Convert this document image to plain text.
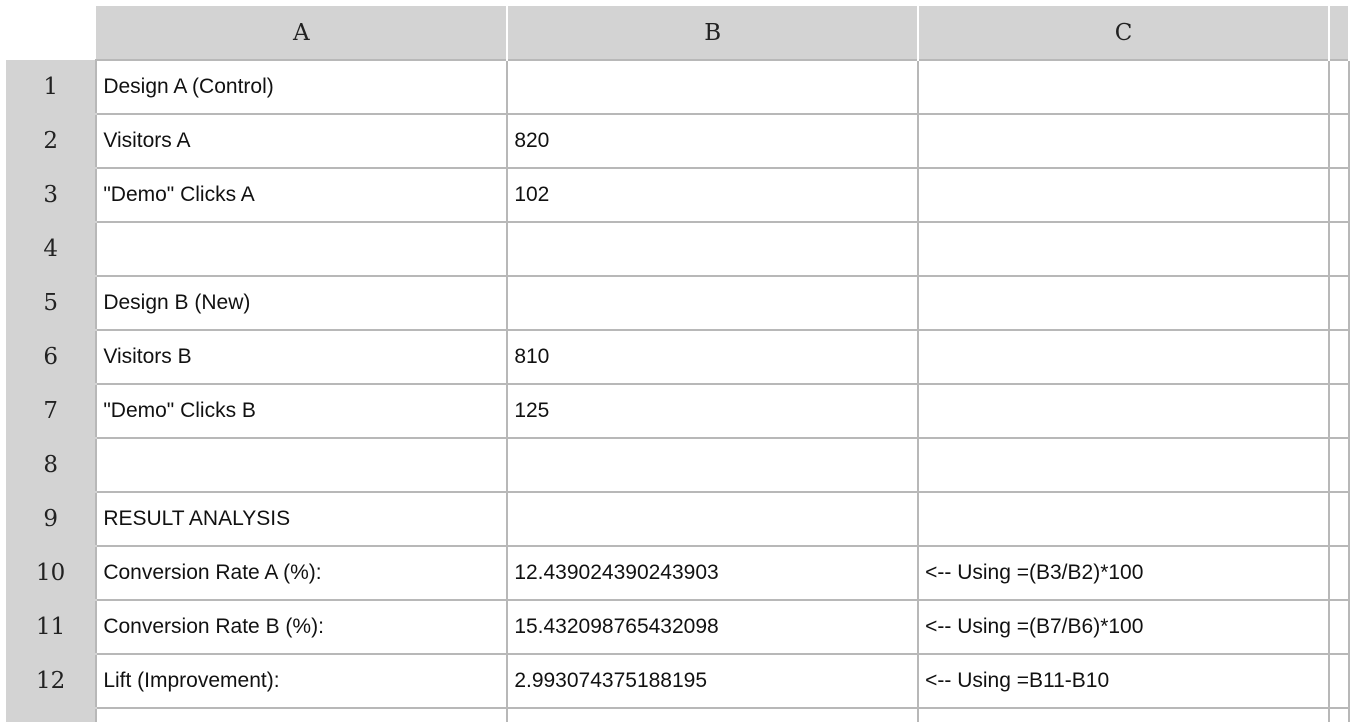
	A	B	C	
1	Design A (Control)			
2	Visitors A	820		
3	"Demo" Clicks A	102		
4				
5	Design B (New)			
6	Visitors B	810		
7	"Demo" Clicks B	125		
8				
9	RESULT ANALYSIS			
10	Conversion Rate A (%):	12.439024390243903	<-- Using =(B3/B2)*100	
11	Conversion Rate B (%):	15.432098765432098	<-- Using =(B7/B6)*100	
12	Lift (Improvement):	2.993074375188195	<-- Using =B11-B10	
